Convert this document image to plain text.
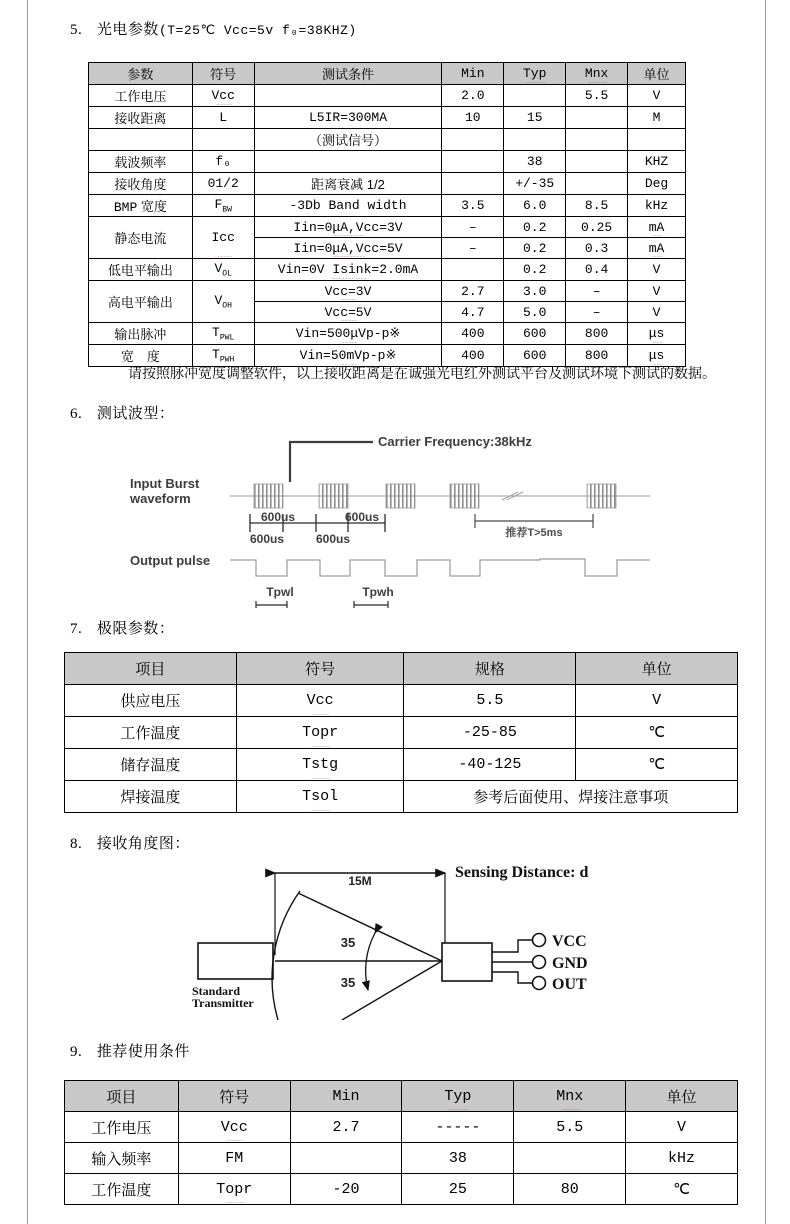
5. 光电参数(T=25℃ Vcc=5v f₀=38KHZ)
参数	符号	测试条件	Min	Typ	Mnx	单位
工作电压	Vcc		2.0		5.5	V
接收距离	L	L5IR=300MA	10	15		M
		（测试信号）				
载波频率	f₀			38		KHZ
接收角度	01/2	距离衰减 1/2		+/-35		Deg
BMP 宽度	$F_{BW}$	-3Db Band width	3.5	6.0	8.5	kHz
静态电流	Icc	Iin=0μA,Vcc=3V	–	0.2	0.25	mA

		Iin=0μA,Vcc=5V	–	0.2	0.3	mA

低电平输出	$V_{OL}$	Vin=0V Isink=2.0mA		0.2	0.4	V
高电平输出	$V_{OH}$	Vcc=3V	2.7	3.0	–	V
		Vcc=5V	4.7	5.0	–	V
输出脉冲	$T_{PWL}$	Vin=500μVp-p※	400	600	800	μs

宽　度	$T_{PWH}$	Vin=50mVp-p※	400	600	800	μs
请按照脉冲宽度调整软件，以上接收距离是在诚强光电红外测试平台及测试环境下测试的数据。
6. 测试波型：
Carrier Frequency:38kHz
Input Burst
waveform
600us	600us
600us	600us	推荐T>5ms
Output pulse
Tpwl	Tpwh
7. 极限参数：
项目	符号	规格	单位
供应电压	Vcc	5.5	V
工作温度	Topr	-25-85	℃
储存温度	Tstg	-40-125	℃
焊接温度	Tsol	参考后面使用、焊接注意事项	
8. 接收角度图：
15M	Sensing Distance: d
Standard
Transmitter
35
35
VCC
GND
OUT
9. 推荐使用条件
项目	符号	Min	Typ	Mnx	单位
工作电压	Vcc	2.7	-----	5.5	V
输入频率	FM		38		kHz
工作温度	Topr	-20	25	80	℃
